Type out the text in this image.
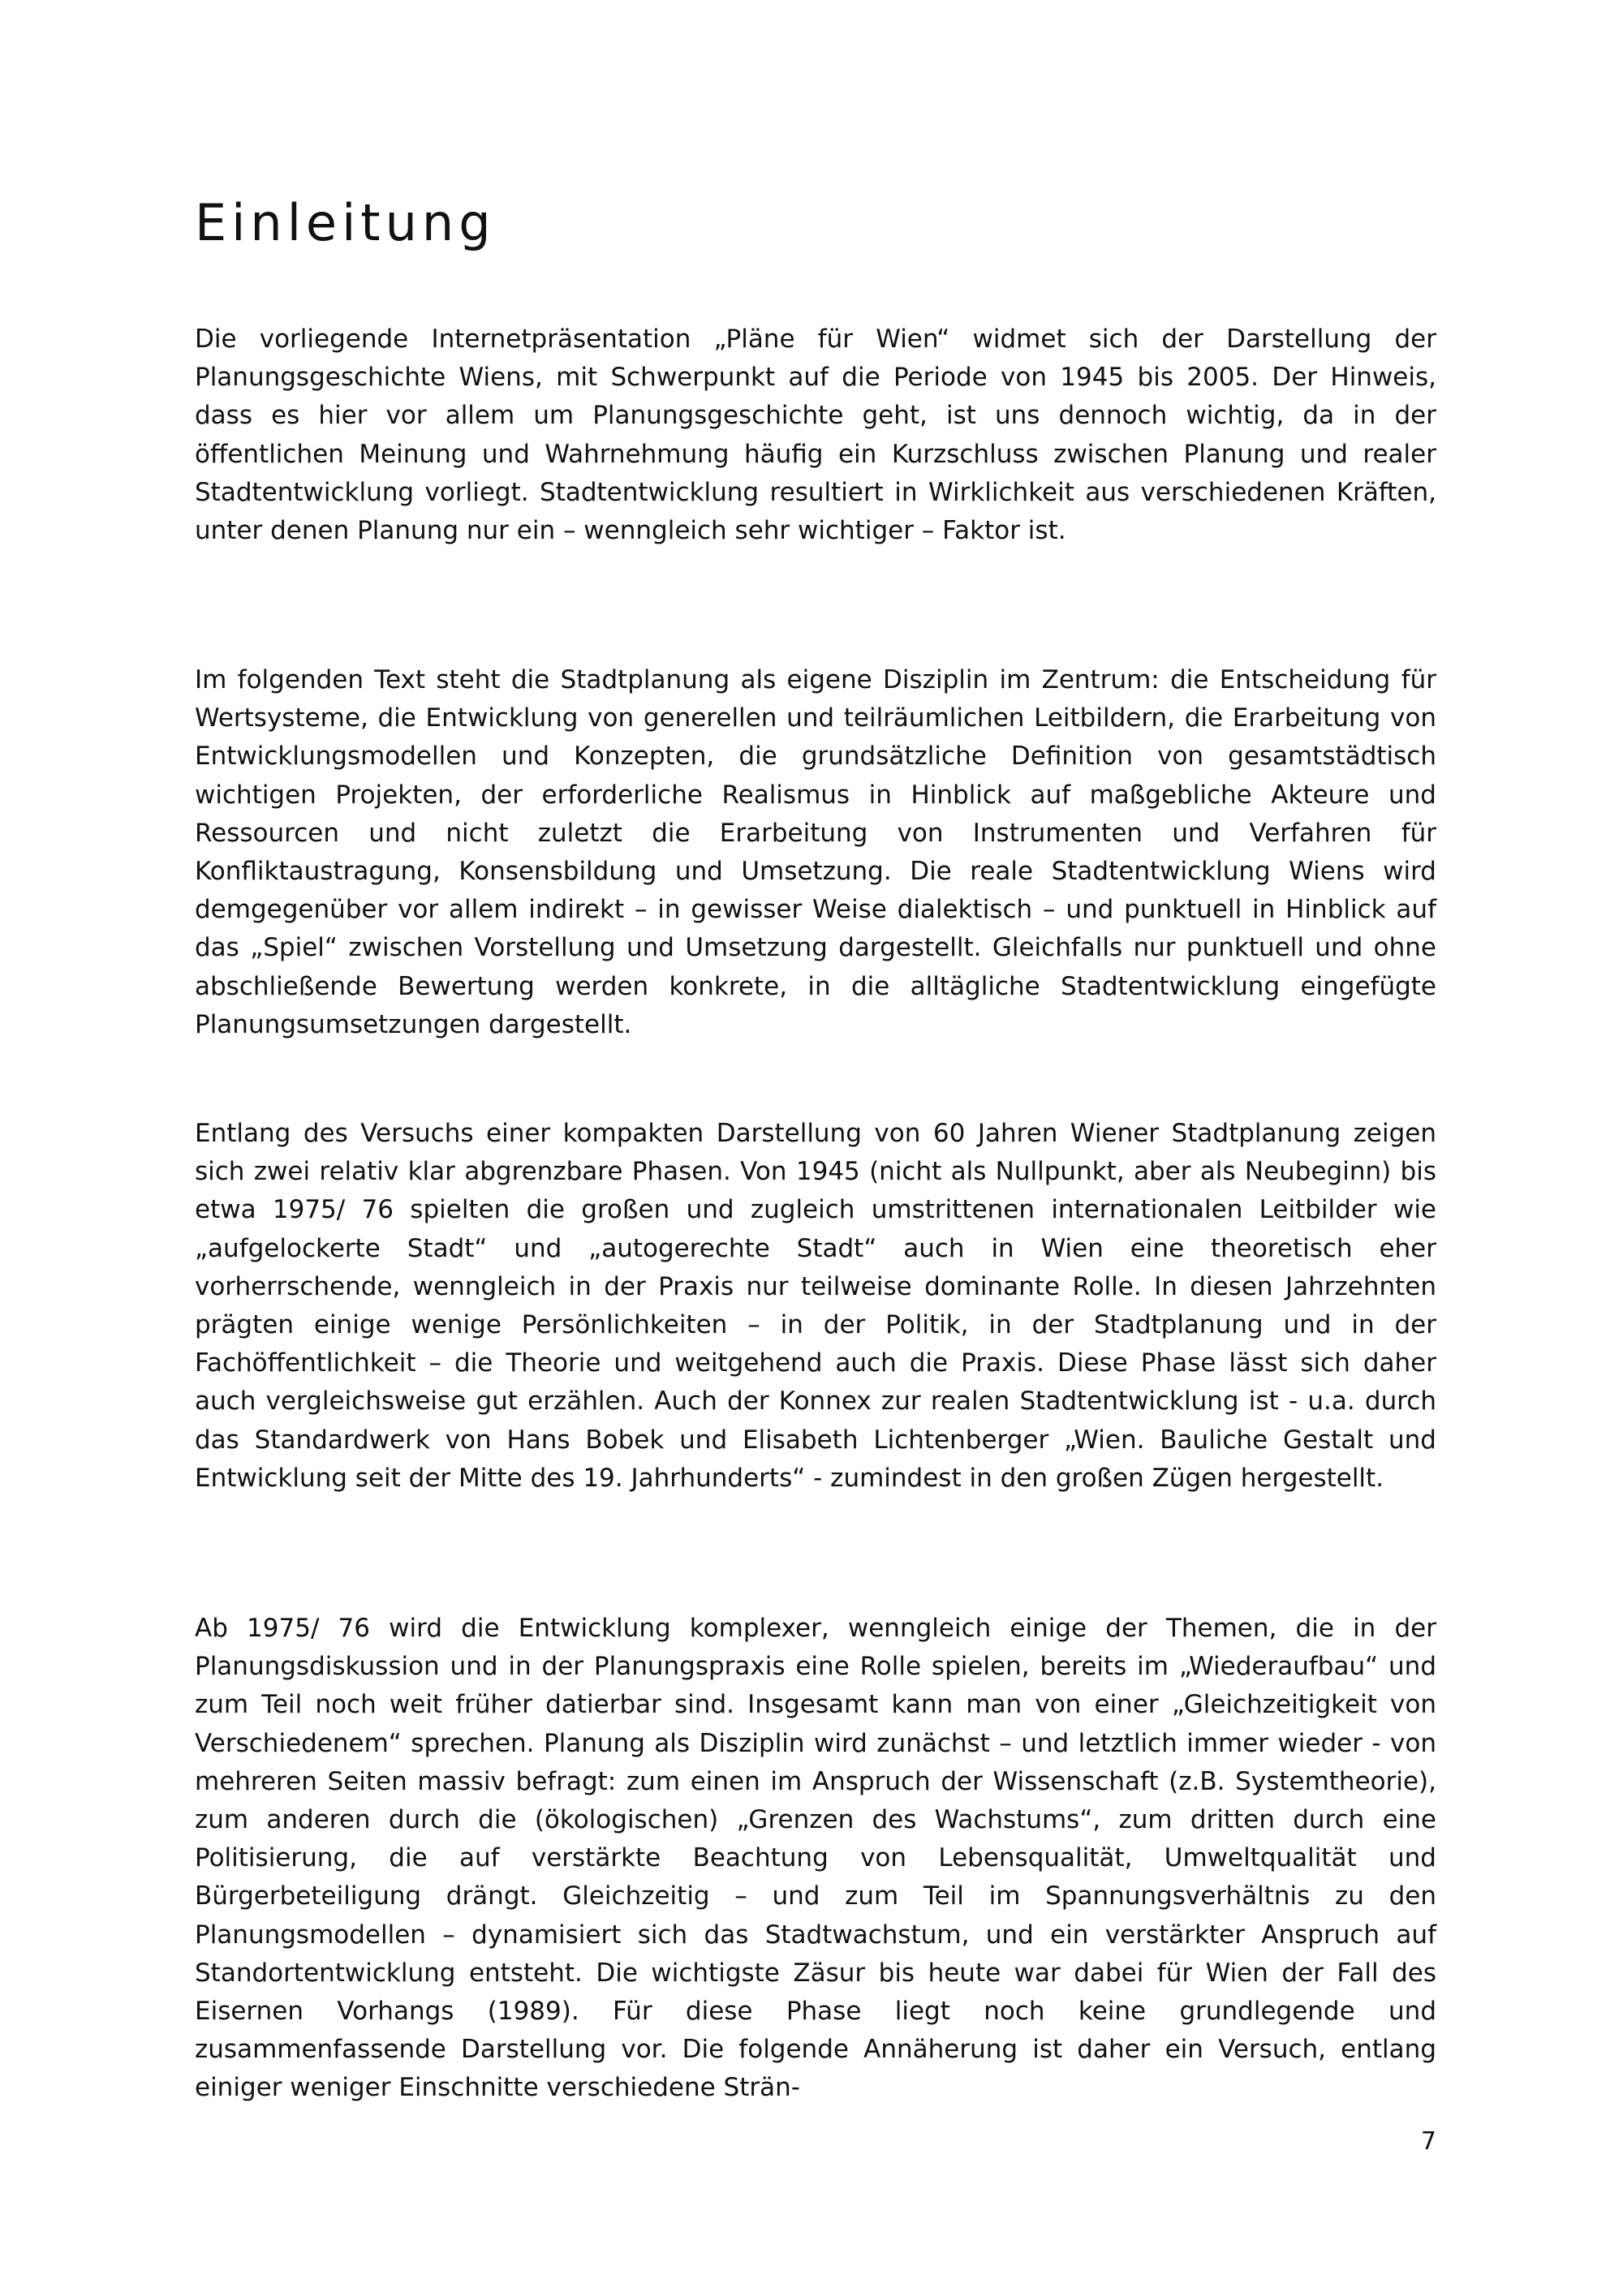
Einleitung

Die vorliegende Internetpräsentation „Pläne für Wien“ widmet sich der Darstellung der Planungsgeschichte Wiens, mit Schwerpunkt auf die Periode von 1945 bis 2005. Der Hinweis, dass es hier vor allem um Planungsgeschichte geht, ist uns dennoch wichtig, da in der öffentlichen Meinung und Wahrnehmung häufig ein Kurzschluss zwischen Planung und realer Stadtentwicklung vorliegt. Stadtentwicklung resultiert in Wirklichkeit aus verschiedenen Kräften, unter denen Planung nur ein – wenngleich sehr wichtiger – Faktor ist.

Im folgenden Text steht die Stadtplanung als eigene Disziplin im Zentrum: die Entscheidung für Wertsysteme, die Entwicklung von generellen und teilräumlichen Leitbildern, die Erarbeitung von Entwicklungsmodellen und Konzepten, die grundsätzliche Definition von gesamtstädtisch wichtigen Projekten, der erforderliche Realismus in Hinblick auf maßgebliche Akteure und Ressourcen und nicht zuletzt die Erarbeitung von Instrumenten und Verfahren für Konfliktaustragung, Konsensbildung und Umsetzung. Die reale Stadtentwicklung Wiens wird demgegenüber vor allem indirekt – in gewisser Weise dialektisch – und punktuell in Hinblick auf das „Spiel“ zwischen Vorstellung und Umsetzung dargestellt. Gleichfalls nur punktuell und ohne abschließende Bewertung werden konkrete, in die alltägliche Stadtentwicklung eingefügte Planungsumsetzungen dargestellt.

Entlang des Versuchs einer kompakten Darstellung von 60 Jahren Wiener Stadtplanung zeigen sich zwei relativ klar abgrenzbare Phasen. Von 1945 (nicht als Nullpunkt, aber als Neubeginn) bis etwa 1975/ 76 spielten die großen und zugleich umstrittenen internationalen Leitbilder wie „aufgelockerte Stadt“ und „autogerechte Stadt“ auch in Wien eine theoretisch eher vorherrschende, wenngleich in der Praxis nur teilweise dominante Rolle. In diesen Jahrzehnten prägten einige wenige Persönlichkeiten – in der Politik, in der Stadtplanung und in der Fachöffentlichkeit – die Theorie und weitgehend auch die Praxis. Diese Phase lässt sich daher auch vergleichsweise gut erzählen. Auch der Konnex zur realen Stadtentwicklung ist - u.a. durch das Standardwerk von Hans Bobek und Elisabeth Lichtenberger „Wien. Bauliche Gestalt und Entwicklung seit der Mitte des 19. Jahrhunderts“ - zumindest in den großen Zügen hergestellt.

Ab 1975/ 76 wird die Entwicklung komplexer, wenngleich einige der Themen, die in der Planungsdiskussion und in der Planungspraxis eine Rolle spielen, bereits im „Wiederaufbau“ und zum Teil noch weit früher datierbar sind. Insgesamt kann man von einer „Gleichzeitigkeit von Verschiedenem“ sprechen. Planung als Disziplin wird zunächst – und letztlich immer wieder - von mehreren Seiten massiv befragt: zum einen im Anspruch der Wissenschaft (z.B. Systemtheorie), zum anderen durch die (ökologischen) „Grenzen des Wachstums“, zum dritten durch eine Politisierung, die auf verstärkte Beachtung von Lebensqualität, Umweltqualität und Bürgerbeteiligung drängt. Gleichzeitig – und zum Teil im Spannungsverhältnis zu den Planungsmodellen – dynamisiert sich das Stadtwachstum, und ein verstärkter Anspruch auf Standortentwicklung entsteht. Die wichtigste Zäsur bis heute war dabei für Wien der Fall des Eisernen Vorhangs (1989). Für diese Phase liegt noch keine grundlegende und zusammenfassende Darstellung vor. Die folgende Annäherung ist daher ein Versuch, entlang einiger weniger Einschnitte verschiedene Strän-

7
